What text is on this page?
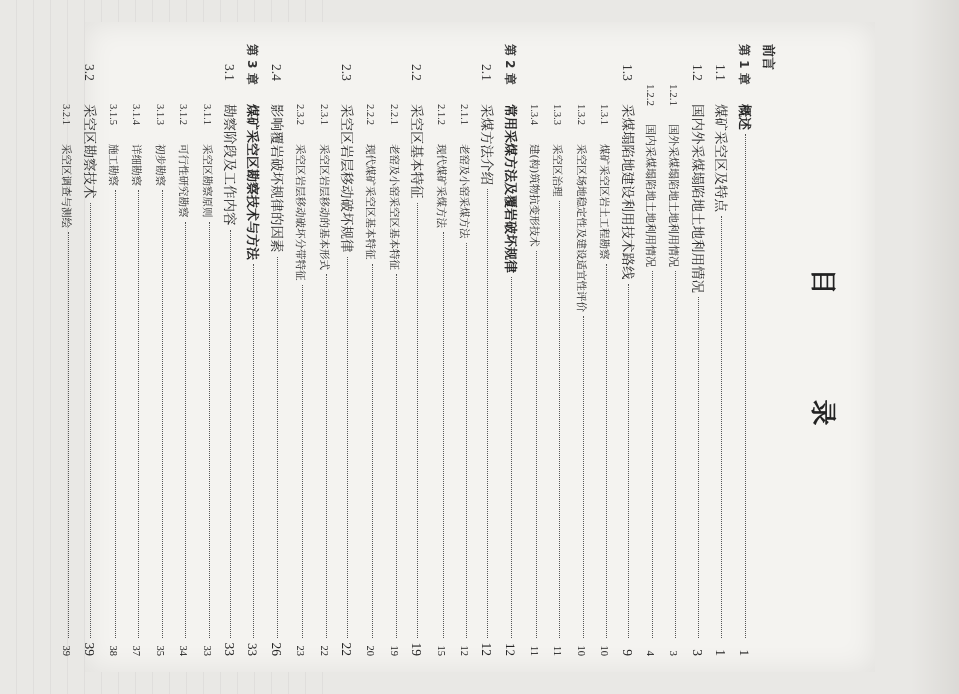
目 录
前言
第 1 章
概述
1
1.1
煤矿采空区及特点
1
1.2
国内外采煤塌陷地土地利用情况
3
1.2.1
国外采煤塌陷地土地利用情况
3
1.2.2
国内采煤塌陷地土地利用情况
4
1.3
采煤塌陷地建设利用技术路线
9
1.3.1
煤矿采空区岩土工程勘察
10
1.3.2
采空区场地稳定性及建设适宜性评价
10
1.3.3
采空区治理
11
1.3.4
建(构)筑物抗变形技术
11
第 2 章
常用采煤方法及覆岩破坏规律
12
2.1
采煤方法介绍
12
2.1.1
老窑及小窑采煤方法
12
2.1.2
现代煤矿采煤方法
15
2.2
采空区基本特征
19
2.2.1
老窑及小窑采空区基本特征
19
2.2.2
现代煤矿采空区基本特征
20
2.3
采空区岩层移动破坏规律
22
2.3.1
采空区岩层移动的基本形式
22
2.3.2
采空区岩层移动破坏分带特征
23
2.4
影响覆岩破坏规律的因素
26
第 3 章
煤矿采空区勘察技术与方法
33
3.1
勘察阶段及工作内容
33
3.1.1
采空区勘察原则
33
3.1.2
可行性研究勘察
34
3.1.3
初步勘察
35
3.1.4
详细勘察
37
3.1.5
施工勘察
38
3.2
采空区勘察技术
39
3.2.1
采空区调查与测绘
39
